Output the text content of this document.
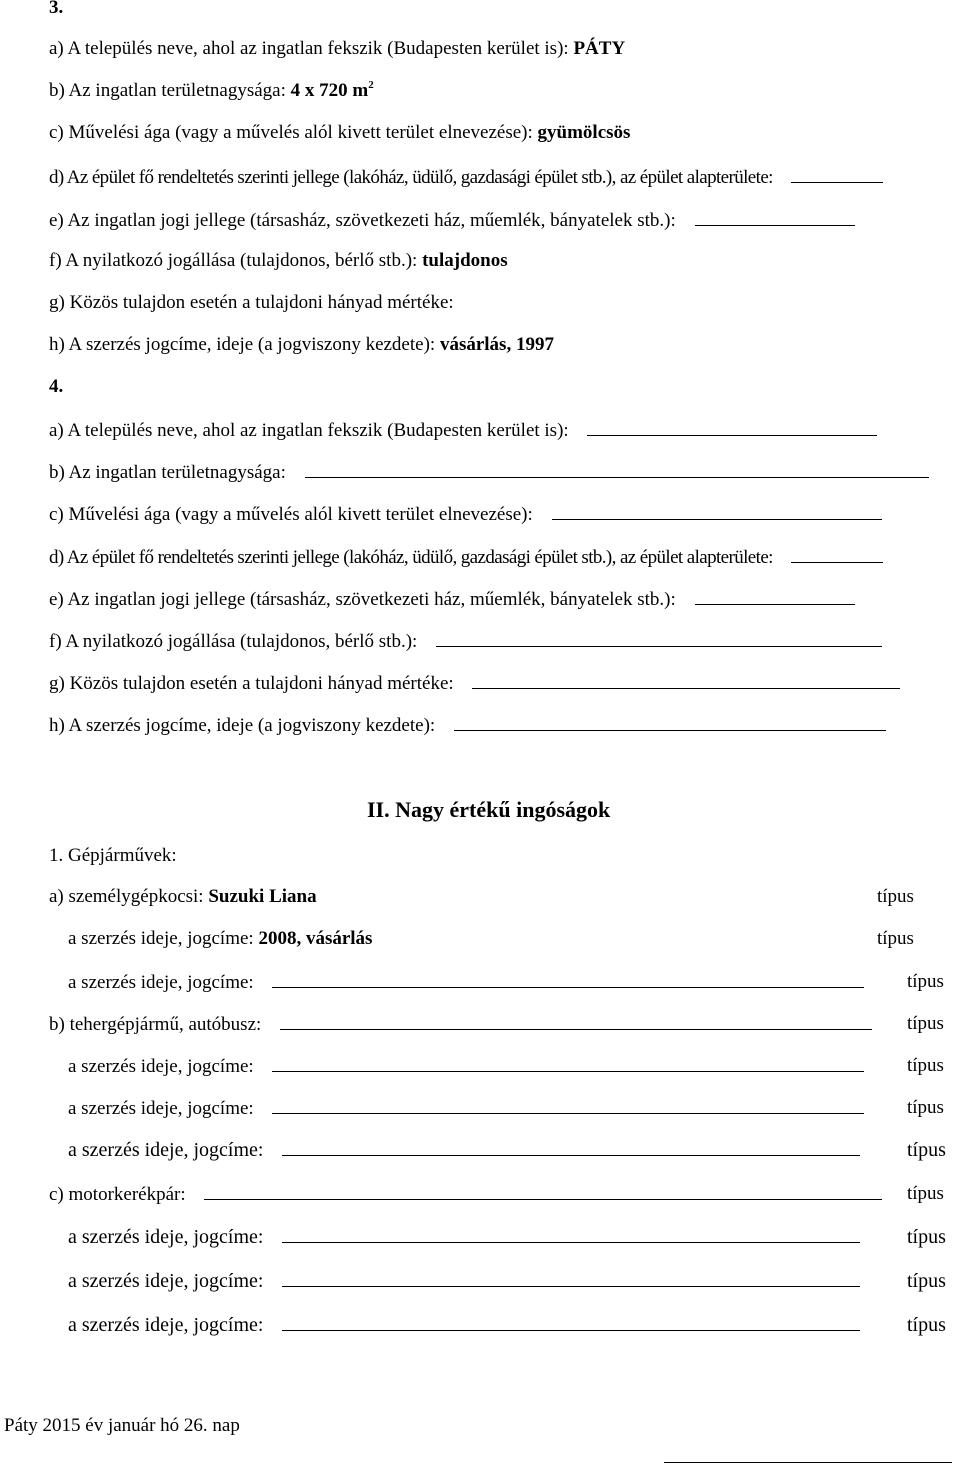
3.
a) A település neve, ahol az ingatlan fekszik (Budapesten kerület is): PÁTY
b) Az ingatlan területnagysága: 4 x 720 $m^2$
c) Művelési ága (vagy a művelés alól kivett terület elnevezése): gyümölcsös
d) Az épület fő rendeltetés szerinti jellege (lakóház, üdülő, gazdasági épület stb.), az épület alapterülete:
e) Az ingatlan jogi jellege (társasház, szövetkezeti ház, műemlék, bányatelek stb.):
f) A nyilatkozó jogállása (tulajdonos, bérlő stb.): tulajdonos
g) Közös tulajdon esetén a tulajdoni hányad mértéke:
h) A szerzés jogcíme, ideje (a jogviszony kezdete): vásárlás, 1997
4.
a) A település neve, ahol az ingatlan fekszik (Budapesten kerület is):
b) Az ingatlan területnagysága:
c) Művelési ága (vagy a művelés alól kivett terület elnevezése):
d) Az épület fő rendeltetés szerinti jellege (lakóház, üdülő, gazdasági épület stb.), az épület alapterülete:
e) Az ingatlan jogi jellege (társasház, szövetkezeti ház, műemlék, bányatelek stb.):
f) A nyilatkozó jogállása (tulajdonos, bérlő stb.):
g) Közös tulajdon esetén a tulajdoni hányad mértéke:
h) A szerzés jogcíme, ideje (a jogviszony kezdete):
II. Nagy értékű ingóságok
1. Gépjárművek:
a) személygépkocsi: Suzuki Liana	típus
a szerzés ideje, jogcíme: 2008, vásárlás	típus
a szerzés ideje, jogcíme:	típus
b) tehergépjármű, autóbusz:	típus
a szerzés ideje, jogcíme:	típus
a szerzés ideje, jogcíme:	típus
a szerzés ideje, jogcíme:	típus
c) motorkerékpár:	típus
a szerzés ideje, jogcíme:	típus
a szerzés ideje, jogcíme:	típus
a szerzés ideje, jogcíme:	típus
Páty 2015 év január hó 26. nap
